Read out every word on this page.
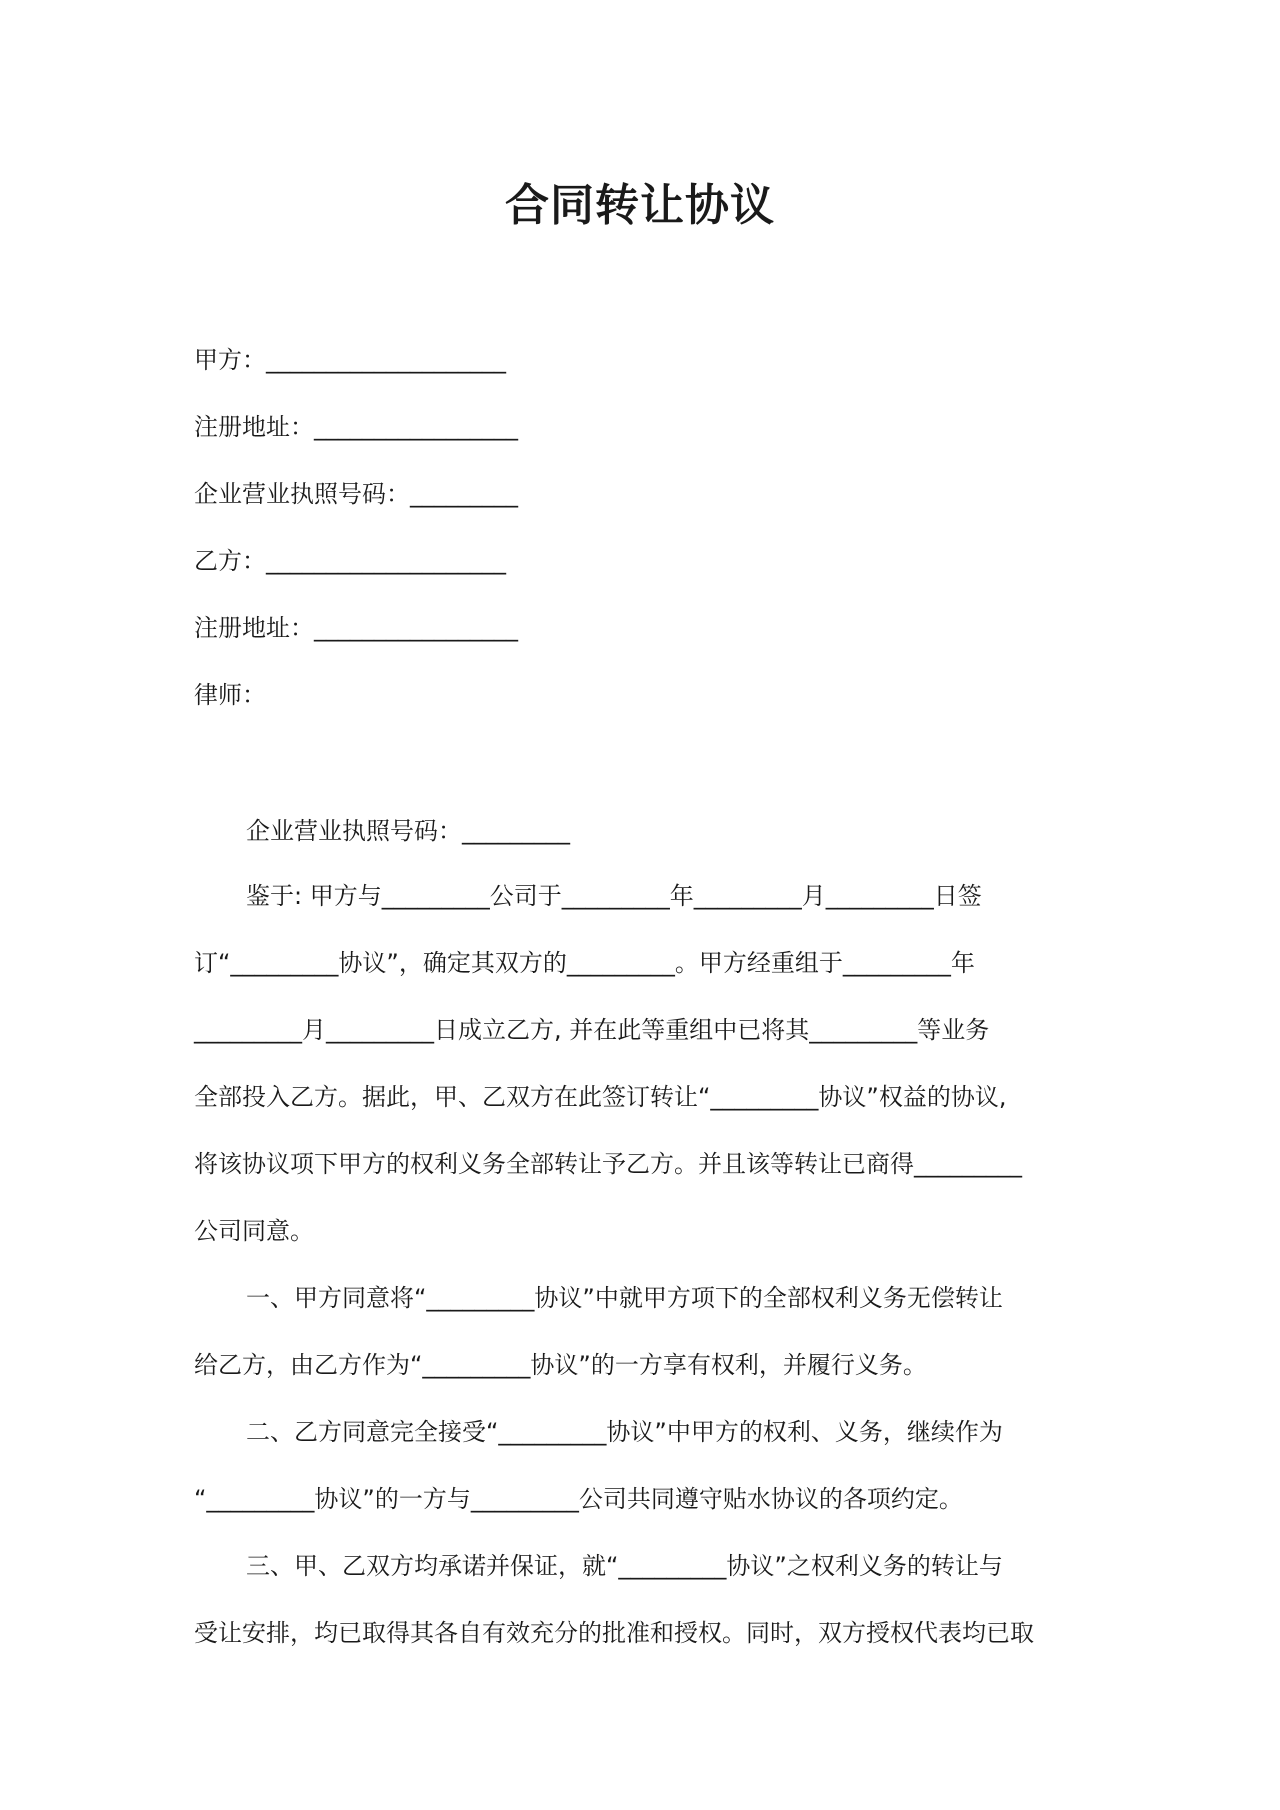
合同转让协议
甲方：____________________
注册地址：_________________
企业营业执照号码：_________
乙方：____________________
注册地址：_________________
律师：
企业营业执照号码：_________
鉴于: 甲方与_________公司于_________年_________月_________日签
订“_________协议”，确定其双方的_________。甲方经重组于_________年
_________月_________日成立乙方, 并在此等重组中已将其_________等业务
全部投入乙方。据此，甲、乙双方在此签订转让“_________协议”权益的协议,
将该协议项下甲方的权利义务全部转让予乙方。并且该等转让已商得_________
公司同意。
一、甲方同意将“_________协议”中就甲方项下的全部权利义务无偿转让
给乙方，由乙方作为“_________协议”的一方享有权利，并履行义务。
二、乙方同意完全接受“_________协议”中甲方的权利、义务，继续作为
“_________协议”的一方与_________公司共同遵守贴水协议的各项约定。
三、甲、乙双方均承诺并保证，就“_________协议”之权利义务的转让与
受让安排，均已取得其各自有效充分的批准和授权。同时，双方授权代表均已取
